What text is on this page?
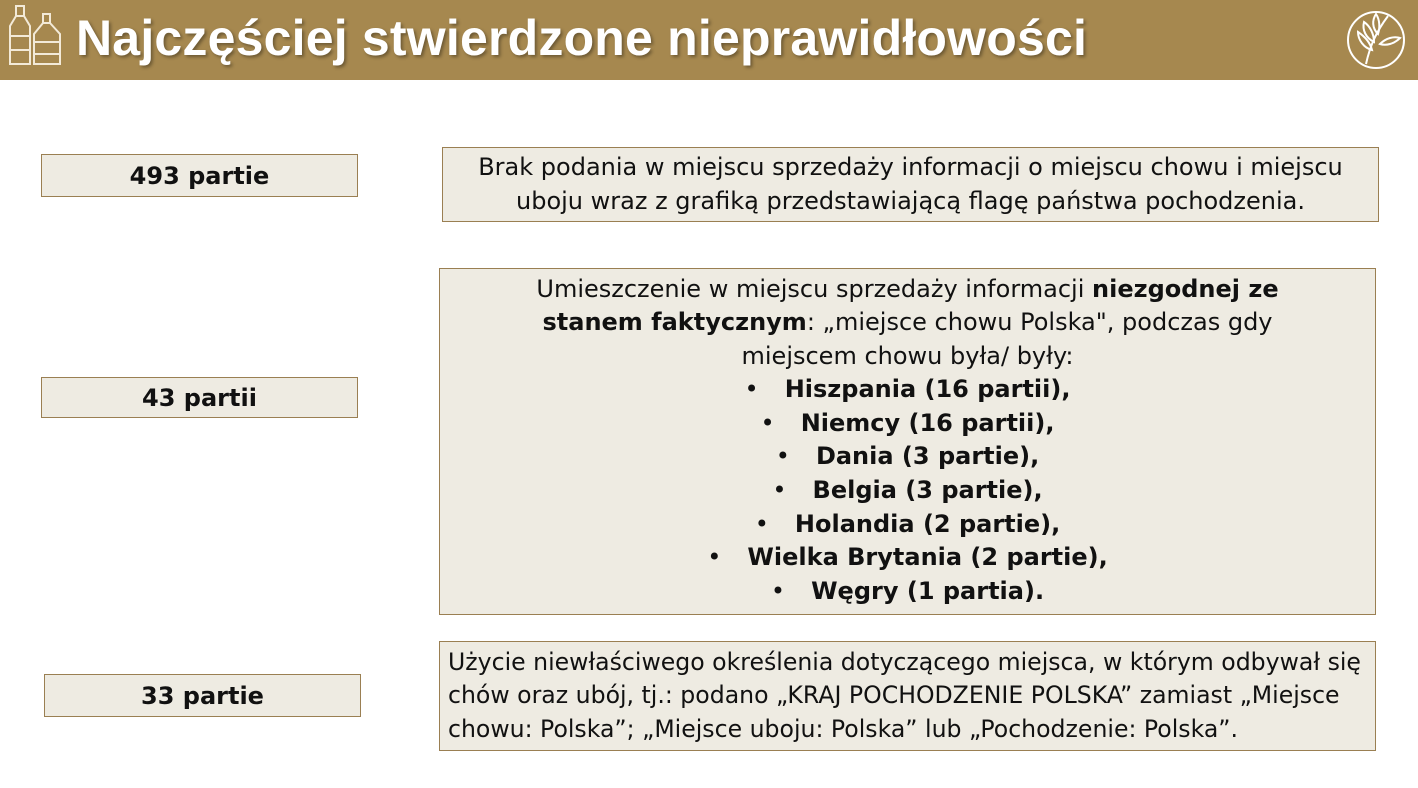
Najczęściej stwierdzone nieprawidłowości
493 partie	Brak podania w miejscu sprzedaży informacji o miejscu chowu i miejscu uboju wraz z grafiką przedstawiającą flagę państwa pochodzenia.
43 partii

Umieszczenie w miejscu sprzedaży informacji niezgodnej ze stanem faktycznym: „miejsce chowu Polska", podczas gdy miejscem chowu była/ były:

• Hiszpania (16 partii),
• Niemcy (16 partii),
• Dania (3 partie),
• Belgia (3 partie),
• Holandia (2 partie),
• Wielka Brytania (2 partie),
• Węgry (1 partia).
33 partie
Użycie niewłaściwego określenia dotyczącego miejsca, w którym odbywał się chów oraz ubój, tj.: podano „KRAJ POCHODZENIE POLSKA” zamiast „Miejsce chowu: Polska”; „Miejsce uboju: Polska” lub „Pochodzenie: Polska”.
